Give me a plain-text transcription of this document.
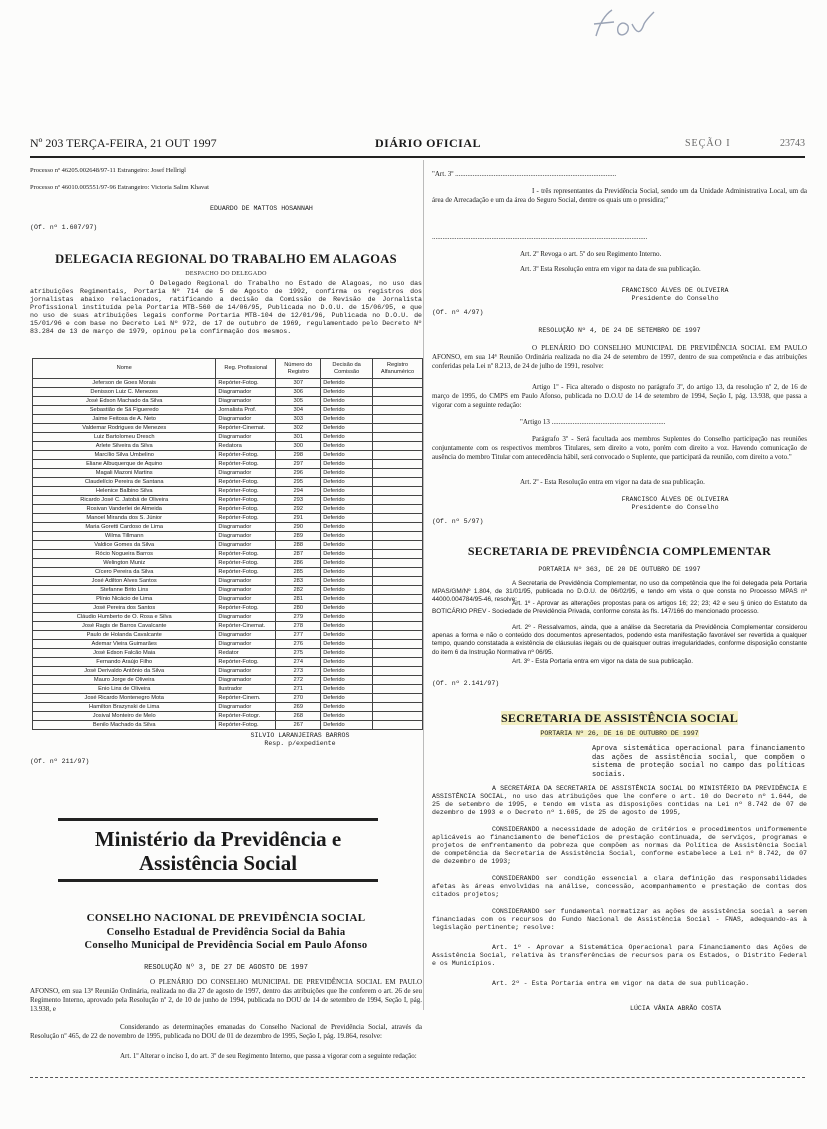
Nº 203 TERÇA-FEIRA, 21 OUT 1997	DIÁRIO OFICIAL	SEÇÃO I	23743
Processo nº 46205.002648/97-11 Estrangeiro: Josef Hellrigl
Processo nº 46010.005551/97-96 Estrangeiro: Victoria Salim Khavat
EDUARDO DE MATTOS HOSANNAH
(Of. nº 1.607/97)
DELEGACIA REGIONAL DO TRABALHO EM ALAGOAS
DESPACHO DO DELEGADO
O Delegado Regional do Trabalho no Estado de Alagoas, no uso das atribuições Regimentais, Portaria Nº 714 de 5 de Agosto de 1992, confirma os registros dos jornalistas abaixo relacionados, ratificando a decisão da Comissão de Revisão de Jornalista Profissional instituída pela Portaria MTB-560 de 14/06/95, Publicada no D.O.U. de 15/06/95, e que no uso de suas atribuições legais conforme Portaria MTB-104 de 12/01/96, Publicada no D.O.U. de 15/01/96 e com base no Decreto Lei Nº 972, de 17 de outubro de 1969, regulamentado pelo Decreto Nº 83.284 de 13 de março de 1979, opinou pela confirmação dos mesmos.
Nome	Reg. Profissional	Número do Registro	Decisão da Comissão	Registro Alfanumérico
Jeferson de Goes Morais	Repórter-Fotog.	307	Deferido	
Denisson Luiz C. Menezes	Diagramador	306	Deferido	
José Edson Machado da Silva	Diagramador	305	Deferido	
Sebastião de Sá Figueredo	Jornalista Prof.	304	Deferido	
Jaime Feitosa de A. Neto	Diagramador	303	Deferido	
Valdemar Rodrigues de Menezes	Repórter-Cinemat.	302	Deferido	
Luiz Bartolomeu Dresch	Diagramador	301	Deferido	
Arlete Silveira da Silva	Redatora	300	Deferido	
Marcílio Silva Umbelino	Repórter-Fotog.	298	Deferido	
Eliane Albuquerque de Aquino	Repórter-Fotog.	297	Deferido	
Magali Mazoni Martins	Diagramador	296	Deferido	
Claudelício Pereira de Santana	Repórter-Fotog.	295	Deferido	
Helenice Balbino Silva	Repórter-Fotog.	294	Deferido	
Ricardo José C. Jatobá de Oliveira	Repórter-Fotog.	293	Deferido	
Rosivan Vanderlei de Almeida	Repórter-Fotog.	292	Deferido	
Manoel Miranda dos S. Júnior	Repórter-Fotog.	291	Deferido	
Maria Goretti Cardoso de Lima	Diagramador	290	Deferido	
Wilma Tillmann	Diagramador	289	Deferido	
Valdice Gomes da Silva	Diagramador	288	Deferido	
Rócio Nogueira Barros	Repórter-Fotog.	287	Deferido	
Welington Muniz	Repórter-Fotog.	286	Deferido	
Cícero Pereira da Silva	Repórter-Fotog.	285	Deferido	
José Adilton Alves Santos	Diagramador	283	Deferido	
Stefanne Brito Lins	Diagramador	282	Deferido	
Plínio Nicácio de Lima	Diagramador	281	Deferido	
José Pereira dos Santos	Repórter-Fotog.	280	Deferido	
Cláudio Humberto de O. Rosa e Silva	Diagramador	279	Deferido	
José Ragis de Barros Cavalcante	Repórter-Cinemat.	278	Deferido	
Paulo de Holanda Cavalcante	Diagramador	277	Deferido	
Ademar Vieira Guimarães	Diagramador	276	Deferido	
José Edson Falcão Maia	Redator	275	Deferido	
Fernando Araújo Filho	Repórter-Fotog.	274	Deferido	
José Derivaldo Antônio da Silva	Diagramador	273	Deferido	
Mauro Jorge de Oliveira	Diagramador	272	Deferido	
Enio Lins de Oliveira	Ilustrador	271	Deferido	
José Ricardo Montenegro Mota	Repórter-Cinem.	270	Deferido	
Hamilton Brazynski de Lima	Diagramador	269	Deferido	
Josival Monteiro de Melo	Repórter-Fotogr.	268	Deferido	
Benilo Machado da Silva	Repórter-Fotog.	267	Deferido	
SILVIO LARANJEIRAS BARROS
Resp. p/expediente
(Of. nº 211/97)
Ministério da Previdência e
Assistência Social
CONSELHO NACIONAL DE PREVIDÊNCIA SOCIAL
Conselho Estadual de Previdência Social da Bahia
Conselho Municipal de Previdência Social em Paulo Afonso
RESOLUÇÃO Nº 3, DE 27 DE AGOSTO DE 1997
O PLENÁRIO DO CONSELHO MUNICIPAL DE PREVIDÊNCIA SOCIAL EM PAULO AFONSO, em sua 13ª Reunião Ordinária, realizada no dia 27 de agosto de 1997, dentro das atribuições que lhe conferem o art. 26 de seu Regimento Interno, aprovado pela Resolução nº 2, de 10 de junho de 1994, publicada no DOU de 14 de setembro de 1994, Seção I, pág. 13.938, e
Considerando as determinações emanadas do Conselho Nacional de Previdência Social, através da Resolução nº 465, de 22 de novembro de 1995, publicada no DOU de 01 de dezembro de 1995, Seção I, pág. 19.864, resolve:
Art. 1º Alterar o inciso I, do art. 3º de seu Regimento Interno, que passa a vigorar com a seguinte redação:
"Art. 3º ............................................................................................
I - três representantes da Previdência Social, sendo um da Unidade Administrativa Local, um da área de Arrecadação e um da área do Seguro Social, dentre os quais um o presidira;"
...........................................................................................................................
Art. 2º Revoga o art. 5º do seu Regimento Interno.
Art. 3º Esta Resolução entra em vigor na data de sua publicação.
FRANCISCO ÁLVES DE OLIVEIRA
Presidente do Conselho
(Of. nº 4/97)
RESOLUÇÃO Nº 4, DE 24 DE SETEMBRO DE 1997
O PLENÁRIO DO CONSELHO MUNICIPAL DE PREVIDÊNCIA SOCIAL EM PAULO AFONSO, em sua 14ª Reunião Ordinária realizada no dia 24 de setembro de 1997, dentro de sua competência e das atribuições conferidas pela Lei nº 8.213, de 24 de julho de 1991, resolve:
Artigo 1º - Fica alterado o disposto no parágrafo 3º, do artigo 13, da resolução nº 2, de 16 de março de 1995, do CMPS em Paulo Afonso, publicada no D.O.U de 14 de setembro de 1994, Seção I, pág. 13.938, que passa a vigorar com a seguinte redação:
"Artigo 13 .................................................................
Parágrafo 3º - Será facultada aos membros Suplentes do Conselho participação nas reuniões conjuntamente com os respectivos membros Titulares, sem direito a voto, porém com direito a voz. Havendo comunicação de ausência do membro Titular com antecedência hábil, será convocado o Suplente, que participará da reunião, com direito a voto."
Art. 2º - Esta Resolução entra em vigor na data de sua publicação.
FRANCISCO ÁLVES DE OLIVEIRA
Presidente do Conselho
(Of. nº 5/97)
SECRETARIA DE PREVIDÊNCIA COMPLEMENTAR
PORTARIA Nº 363, DE 20 DE OUTUBRO DE 1997
A Secretaria de Previdência Complementar, no uso da competência que lhe foi delegada pela Portaria MPAS/GM/Nº 1.804, de 31/01/95, publicada no D.O.U. de 06/02/95, e tendo em vista o que consta no Processo MPAS nº 44000.004784/95-46, resolve:
Art. 1º - Aprovar as alterações propostas para os artigos 16; 22; 23; 42 e seu § único do Estatuto da BOTICÁRIO PREV - Sociedade de Previdência Privada, conforme consta às fls. 147/166 do mencionado processo.
Art. 2º - Ressalvamos, ainda, que a análise da Secretaria da Previdência Complementar considerou apenas a forma e não o conteúdo dos documentos apresentados, podendo esta manifestação favorável ser revertida a qualquer tempo, quando constatada a existência de cláusulas ilegais ou de quaisquer outras irregularidades, conforme disposição constante do item 6 da Instrução Normativa nº 06/95.
Art. 3º - Esta Portaria entra em vigor na data de sua publicação.
(Of. nº 2.141/97)
SECRETARIA DE ASSISTÊNCIA SOCIAL
PORTARIA Nº 26, DE 16 DE OUTUBRO DE 1997
Aprova sistemática operacional para financiamento das ações de assistência social, que compõem o sistema de proteção social no campo das políticas sociais.
A SECRETÁRIA DA SECRETARIA DE ASSISTÊNCIA SOCIAL DO MINISTÉRIO DA PREVIDÊNCIA E ASSISTÊNCIA SOCIAL, no uso das atribuições que lhe confere o art. 10 do Decreto nº 1.644, de 25 de setembro de 1995, e tendo em vista as disposições contidas na Lei nº 8.742 de 07 de dezembro de 1993 e o Decreto nº 1.605, de 25 de agosto de 1995,
CONSIDERANDO a necessidade de adoção de critérios e procedimentos uniformemente aplicáveis ao financiamento de benefícios de prestação continuada, de serviços, programas e projetos de enfrentamento da pobreza que compõem as normas da Política de Assistência Social de competência da Secretaria de Assistência Social, conforme estabelece a Lei nº 8.742, de 07 de dezembro de 1993;
CONSIDERANDO ser condição essencial a clara definição das responsabilidades afetas às áreas envolvidas na análise, concessão, acompanhamento e prestação de contas dos citados projetos;
CONSIDERANDO ser fundamental normatizar as ações de assistência social a serem financiadas com os recursos do Fundo Nacional de Assistência Social - FNAS, adequando-as à legislação pertinente; resolve:
Art. 1º - Aprovar a Sistemática Operacional para Financiamento das Ações de Assistência Social, relativa às transferências de recursos para os Estados, o Distrito Federal e os Municípios.
Art. 2º - Esta Portaria entra em vigor na data de sua publicação.
LÚCIA VÂNIA ABRÃO COSTA
